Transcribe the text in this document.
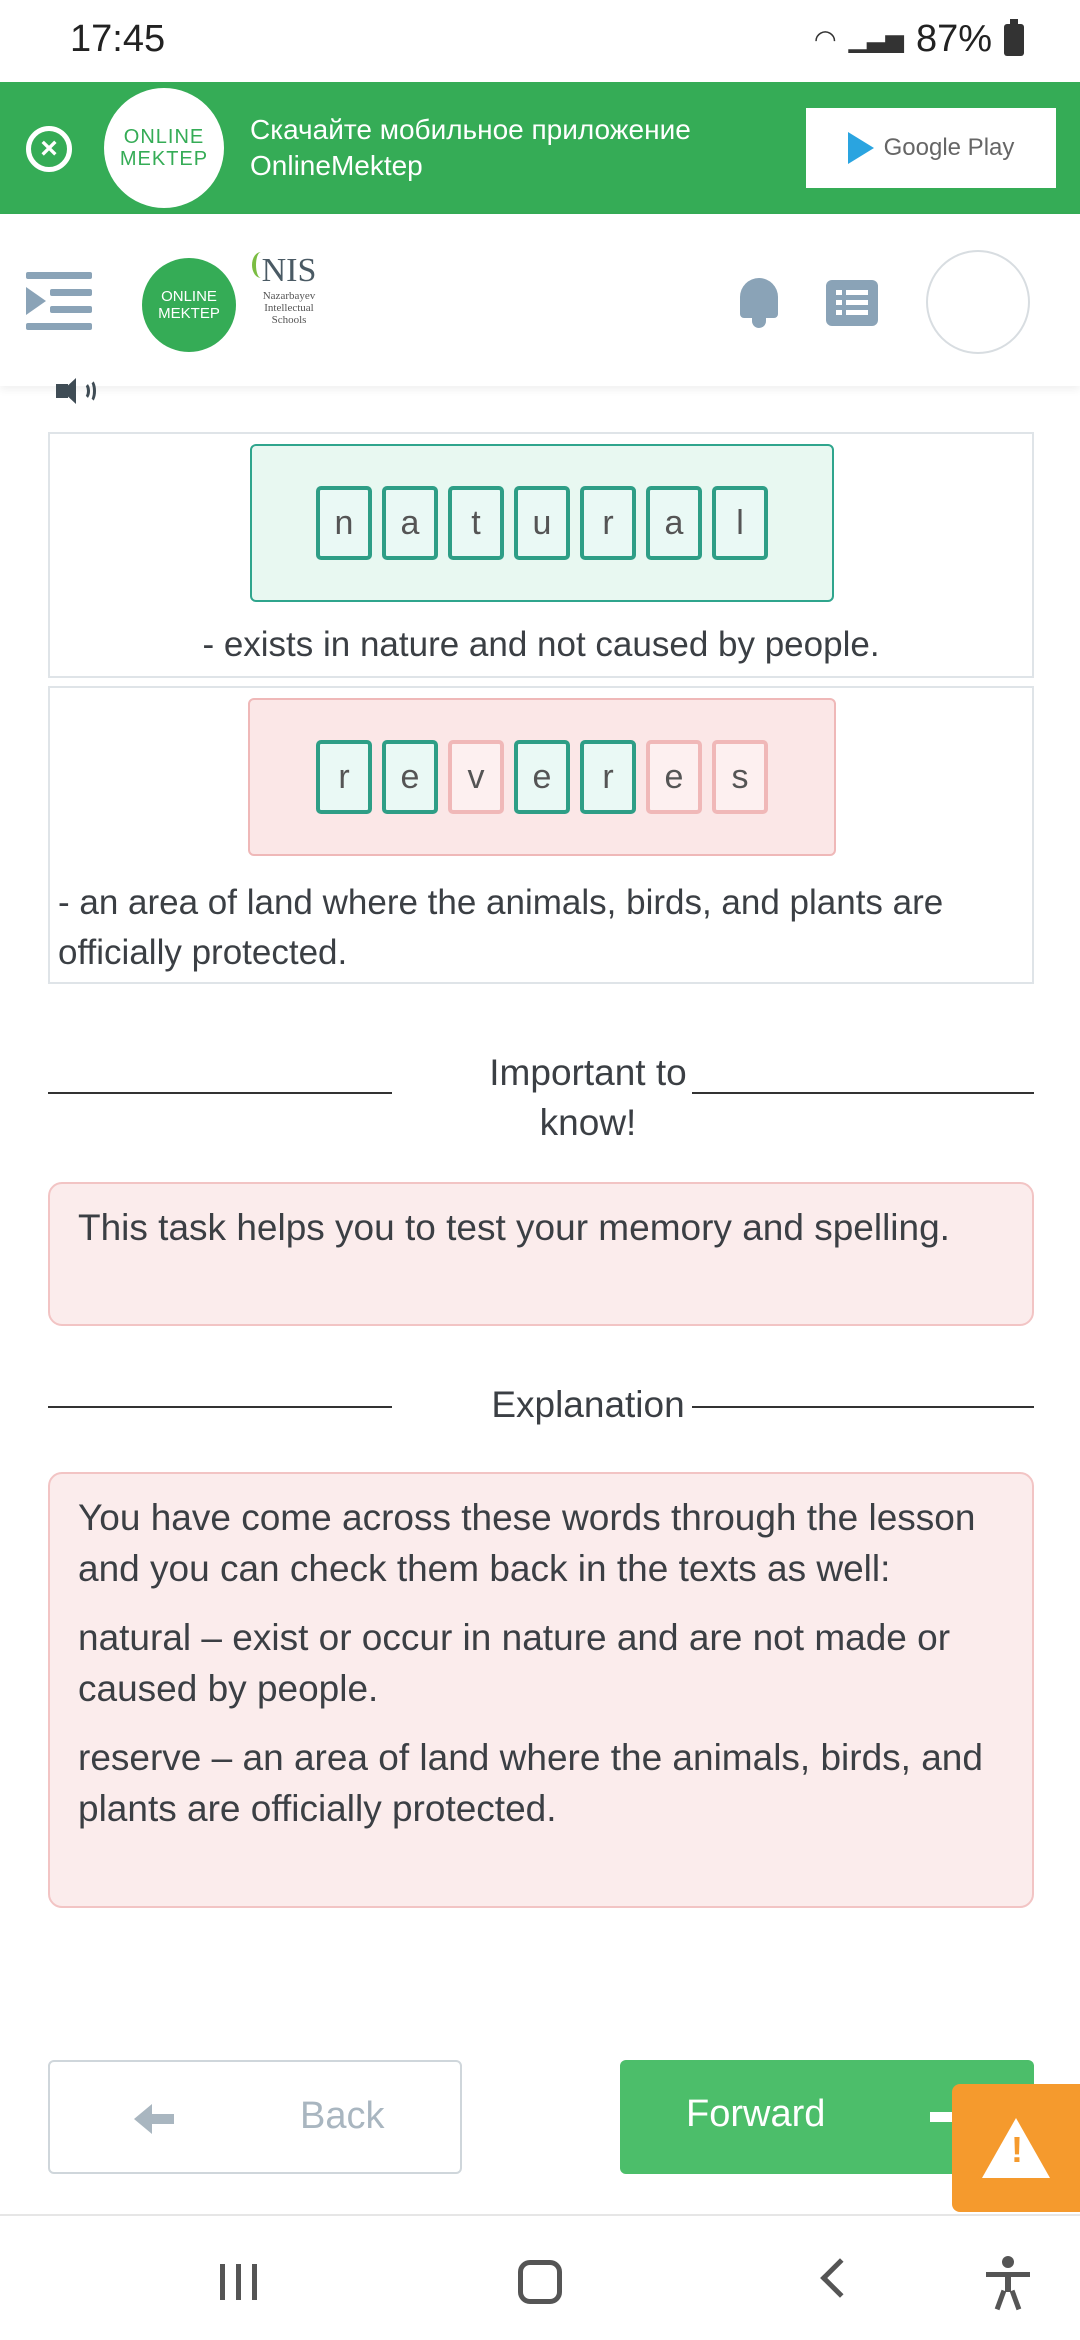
17:45	◠ ▁▃▅ 87%
×	ONLINE
MEKTEP
Скачайте мобильное приложение OnlineMektep
Google Play
ONLINE
MEKTEP
NIS
Nazarbayev
Intellectual
Schools
n	a	t	u	r	a	l
- exists in nature and not caused by people.
r	e	v	e	r	e	s
- an area of land where the animals, birds, and plants are officially protected.
Important to know!
This task helps you to test your memory and spelling.
Explanation

You have come across these words through the lesson and you can check them back in the texts as well:

natural – exist or occur in nature and are not made or caused by people.

reserve – an area of land where the animals, birds, and plants are officially protected.

Back	Forward
!
